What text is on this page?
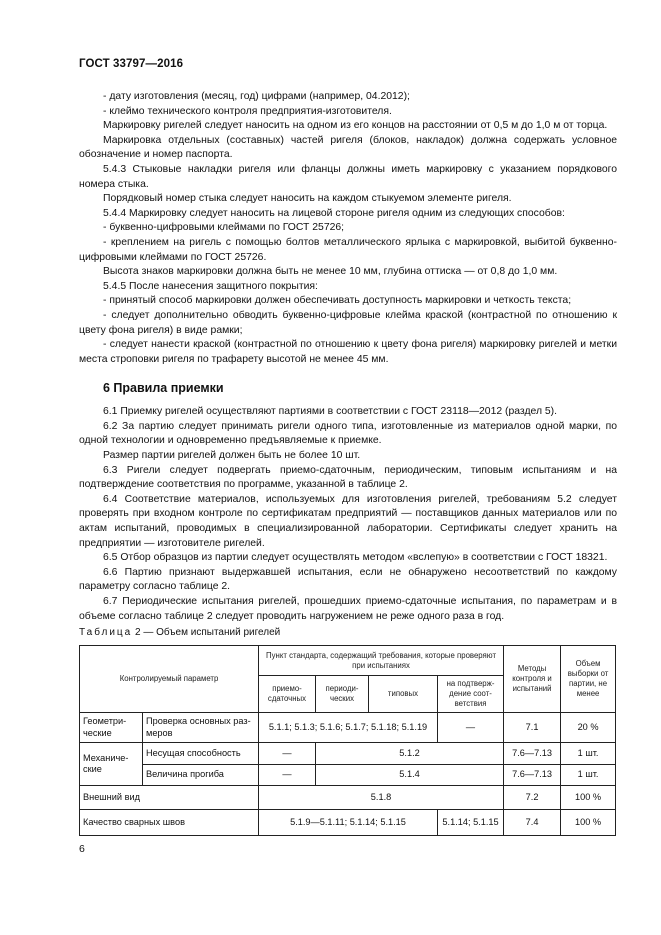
ГОСТ 33797—2016

- дату изготовления (месяц, год) цифрами (например, 04.2012);

- клеймо технического контроля предприятия-изготовителя.

Маркировку ригелей следует наносить на одном из его концов на расстоянии от 0,5 м до 1,0 м от торца.

Маркировка отдельных (составных) частей ригеля (блоков, накладок) должна содержать условное обозначение и номер паспорта.

5.4.3 Стыковые накладки ригеля или фланцы должны иметь маркировку с указанием порядкового номера стыка.

Порядковый номер стыка следует наносить на каждом стыкуемом элементе ригеля.

5.4.4 Маркировку следует наносить на лицевой стороне ригеля одним из следующих способов:

- буквенно-цифровыми клеймами по ГОСТ 25726;

- креплением на ригель с помощью болтов металлического ярлыка с маркировкой, выбитой буквенно-цифровыми клеймами по ГОСТ 25726.

Высота знаков маркировки должна быть не менее 10 мм, глубина оттиска — от 0,8 до 1,0 мм.

5.4.5 После нанесения защитного покрытия:

- принятый способ маркировки должен обеспечивать доступность маркировки и четкость текста;

- следует дополнительно обводить буквенно-цифровые клейма краской (контрастной по отношению к цвету фона ригеля) в виде рамки;

- следует нанести краской (контрастной по отношению к цвету фона ригеля) маркировку ригелей и метки места строповки ригеля по трафарету высотой не менее 45 мм.

6 Правила приемки

6.1 Приемку ригелей осуществляют партиями в соответствии с ГОСТ 23118—2012 (раздел 5).

6.2 За партию следует принимать ригели одного типа, изготовленные из материалов одной марки, по одной технологии и одновременно предъявляемые к приемке.

Размер партии ригелей должен быть не более 10 шт.

6.3 Ригели следует подвергать приемо-сдаточным, периодическим, типовым испытаниям и на подтверждение соответствия по программе, указанной в таблице 2.

6.4 Соответствие материалов, используемых для изготовления ригелей, требованиям 5.2 следует проверять при входном контроле по сертификатам предприятий — поставщиков данных материалов или по актам испытаний, проводимых в специализированной лаборатории. Сертификаты следует хранить на предприятии — изготовителе ригелей.

6.5 Отбор образцов из партии следует осуществлять методом «вслепую» в соответствии с ГОСТ 18321.

6.6 Партию признают выдержавшей испытания, если не обнаружено несоответствий по каждому параметру согласно таблице 2.

6.7 Периодические испытания ригелей, прошедших приемо-сдаточные испытания, по параметрам и в объеме согласно таблице 2 следует проводить нагружением не реже одного раза в год.

Таблица 2 — Объем испытаний ригелей
Контролируемый параметр		Пункт стандарта, содержащий требования, которые проверяют при испытаниях				Методы контроля и испытаний	Объем выборки от партии, не менее
		приемо-сдаточных	периоди-ческих	типовых	на подтверж-дение соот-ветствия		
Геометри-ческие	Проверка основных раз-меров	5.1.1; 5.1.3; 5.1.6; 5.1.7; 5.1.18; 5.1.19			—	7.1	20 %
Механиче-ские	Несущая способность	—	5.1.2			7.6—7.13	1 шт.
	Величина прогиба	—	5.1.4			7.6—7.13	1 шт.
Внешний вид		5.1.8				7.2	100 %
Качество сварных швов		5.1.9—5.1.11; 5.1.14; 5.1.15			5.1.14; 5.1.15	7.4	100 %
6
